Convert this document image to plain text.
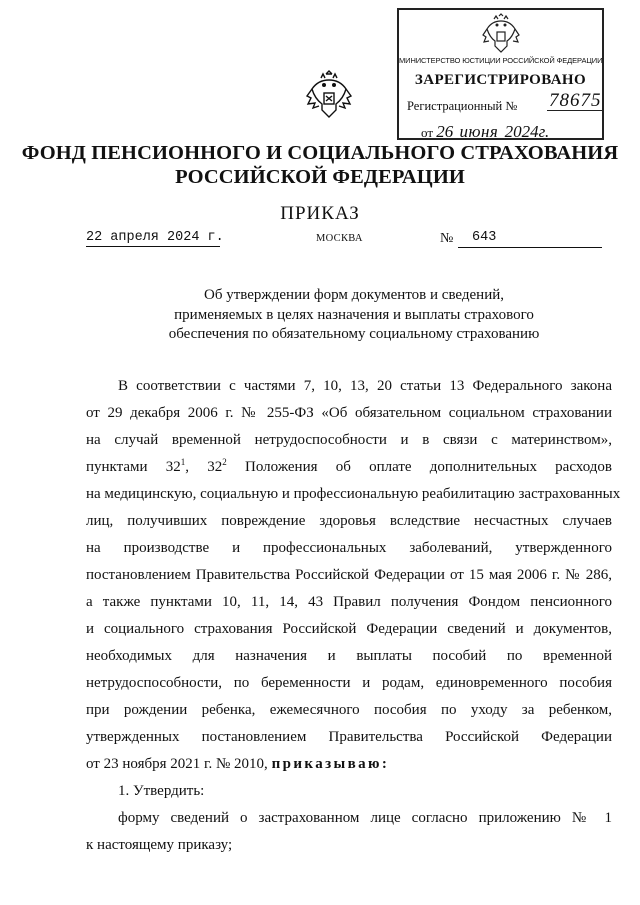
МИНИСТЕРСТВО ЮСТИЦИИ РОССИЙСКОЙ ФЕДЕРАЦИИ
ЗАРЕГИСТРИРОВАНО
Регистрационный № 78675
от 26 июня 2024г.
ФОНД ПЕНСИОННОГО И СОЦИАЛЬНОГО СТРАХОВАНИЯ
РОССИЙСКОЙ ФЕДЕРАЦИИ
ПРИКАЗ
22 апреля 2024 г.	МОСКВА	№ 643
Об утверждении форм документов и сведений,
применяемых в целях назначения и выплаты страхового
обеспечения по обязательному социальному страхованию
В соответствии с частями 7, 10, 13, 20 статьи 13 Федерального закона
от 29 декабря 2006 г. № 255-ФЗ «Об обязательном социальном страховании
на случай временной нетрудоспособности и в связи с материнством»,
пунктами $32^1$, $32^2$ Положения об оплате дополнительных расходов
на медицинскую, социальную и профессиональную реабилитацию застрахованных
лиц, получивших повреждение здоровья вследствие несчастных случаев
на производстве и профессиональных заболеваний, утвержденного
постановлением Правительства Российской Федерации от 15 мая 2006 г. № 286,
а также пунктами 10, 11, 14, 43 Правил получения Фондом пенсионного
и социального страхования Российской Федерации сведений и документов,
необходимых для назначения и выплаты пособий по временной
нетрудоспособности, по беременности и родам, единовременного пособия
при рождении ребенка, ежемесячного пособия по уходу за ребенком,
утвержденных постановлением Правительства Российской Федерации
от 23 ноября 2021 г. № 2010, приказываю:
1. Утвердить:
форму сведений о застрахованном лице согласно приложению № 1
к настоящему приказу;
